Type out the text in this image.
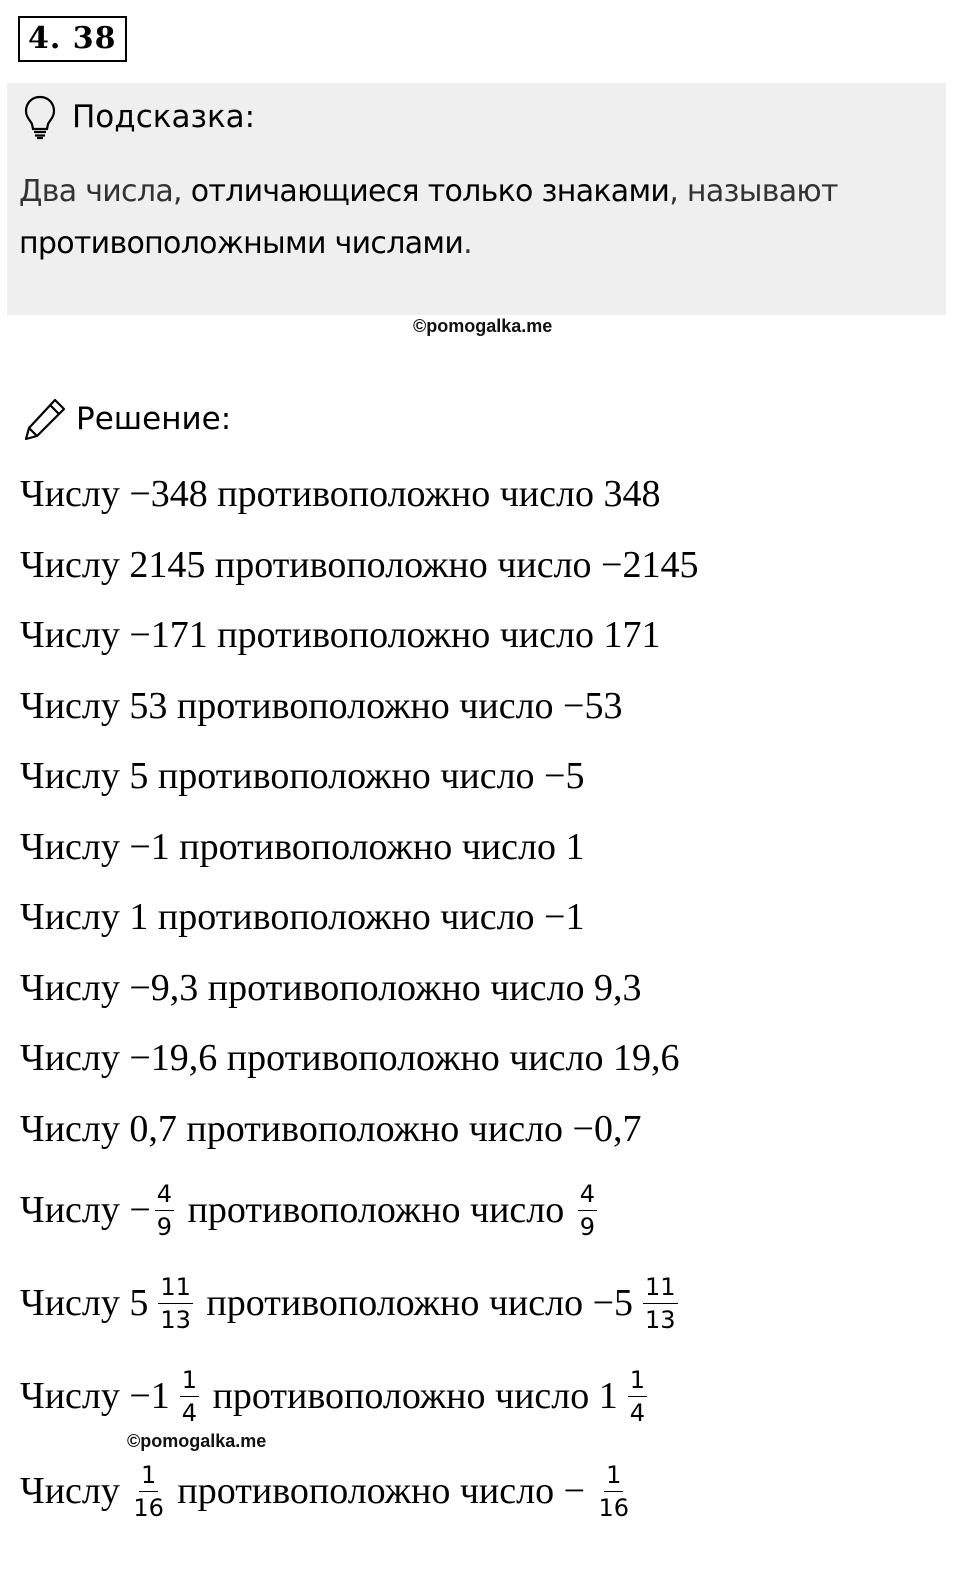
4. 38
Подсказка:
Два числа, отличающиеся только знаками, называют противоположными числами.
©pomogalka.me
Решение:
Числу −348 противоположно число 348
Числу 2145 противоположно число −2145
Числу −171 противоположно число 171
Числу 53 противоположно число −53
Числу 5 противоположно число −5
Числу −1 противоположно число 1
Числу 1 противоположно число −1
Числу −9,3 противоположно число 9,3
Числу −19,6 противоположно число 19,6
Числу 0,7 противоположно число −0,7
Числу − $\frac{4}{9}$ противоположно число $\frac{4}{9}$
Числу $5 \frac{11}{13}$ противоположно число $-5 \frac{11}{13}$
Числу $-1 \frac{1}{4}$ противоположно число $1 \frac{1}{4}$
©pomogalka.me
Числу $\frac{1}{16}$ противоположно число − $\frac{1}{16}$
